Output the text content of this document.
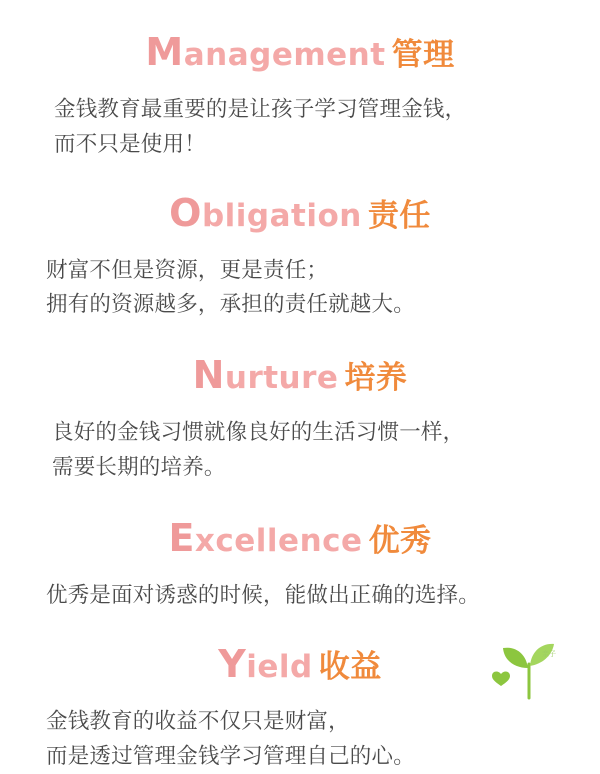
Management 管理
金钱教育最重要的是让孩子学习管理金钱，
而不只是使用！
Obligation 责任
财富不但是资源，更是责任；
拥有的资源越多，承担的责任就越大。
Nurture 培养
良好的金钱习惯就像良好的生活习惯一样，
需要长期的培养。
Excellence 优秀
优秀是面对诱惑的时候，能做出正确的选择。
Yield 收益
金钱教育的收益不仅只是财富，
而是透过管理金钱学习管理自己的心。
亲子
